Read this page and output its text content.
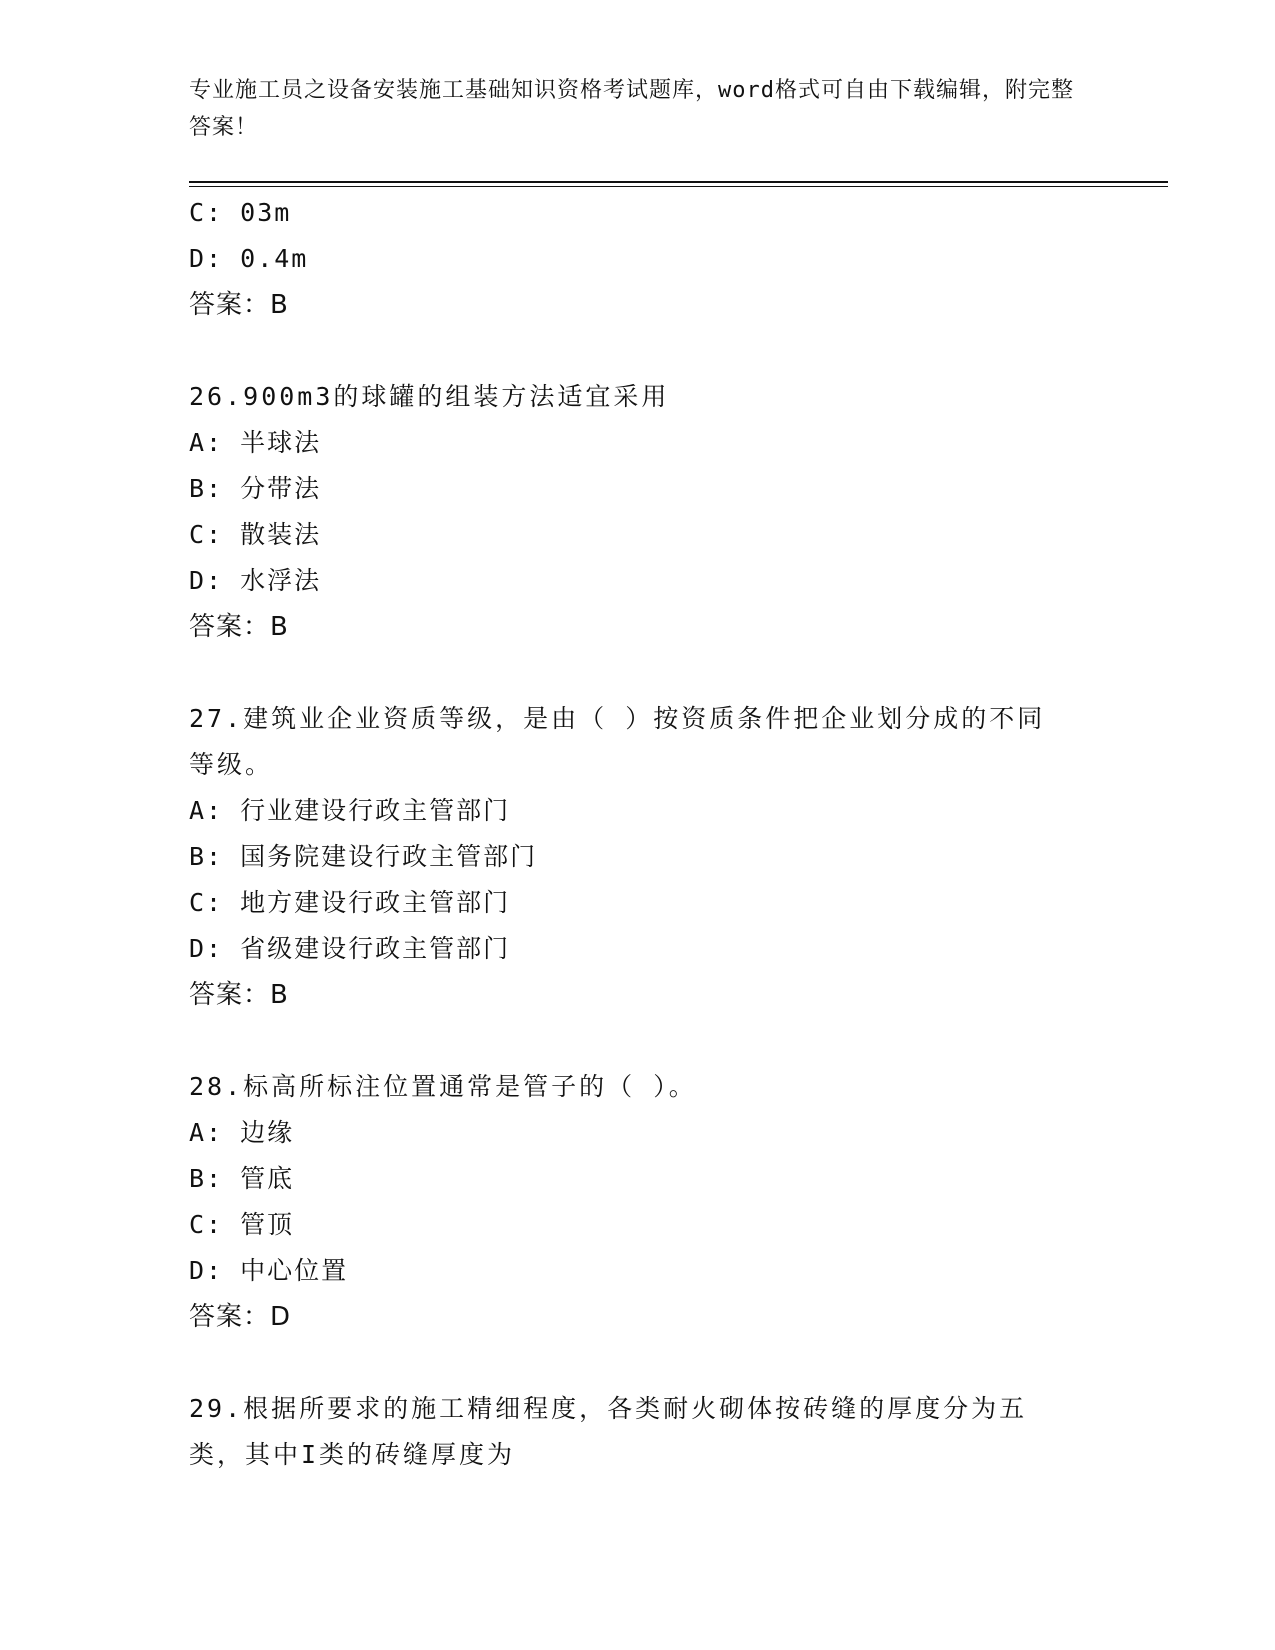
专业施工员之设备安装施工基础知识资格考试题库，word格式可自由下载编辑，附完整答案！
C: 03m
D: 0.4m
答案：B
26.900m3的球罐的组装方法适宜采用
A: 半球法
B: 分带法
C: 散装法
D: 水浮法
答案：B
27.建筑业企业资质等级，是由（ ）按资质条件把企业划分成的不同等级。
A: 行业建设行政主管部门
B: 国务院建设行政主管部门
C: 地方建设行政主管部门
D: 省级建设行政主管部门
答案：B
28.标高所标注位置通常是管子的（ ）。
A: 边缘
B: 管底
C: 管顶
D: 中心位置
答案：D
29.根据所要求的施工精细程度，各类耐火砌体按砖缝的厚度分为五类，其中I类的砖缝厚度为
